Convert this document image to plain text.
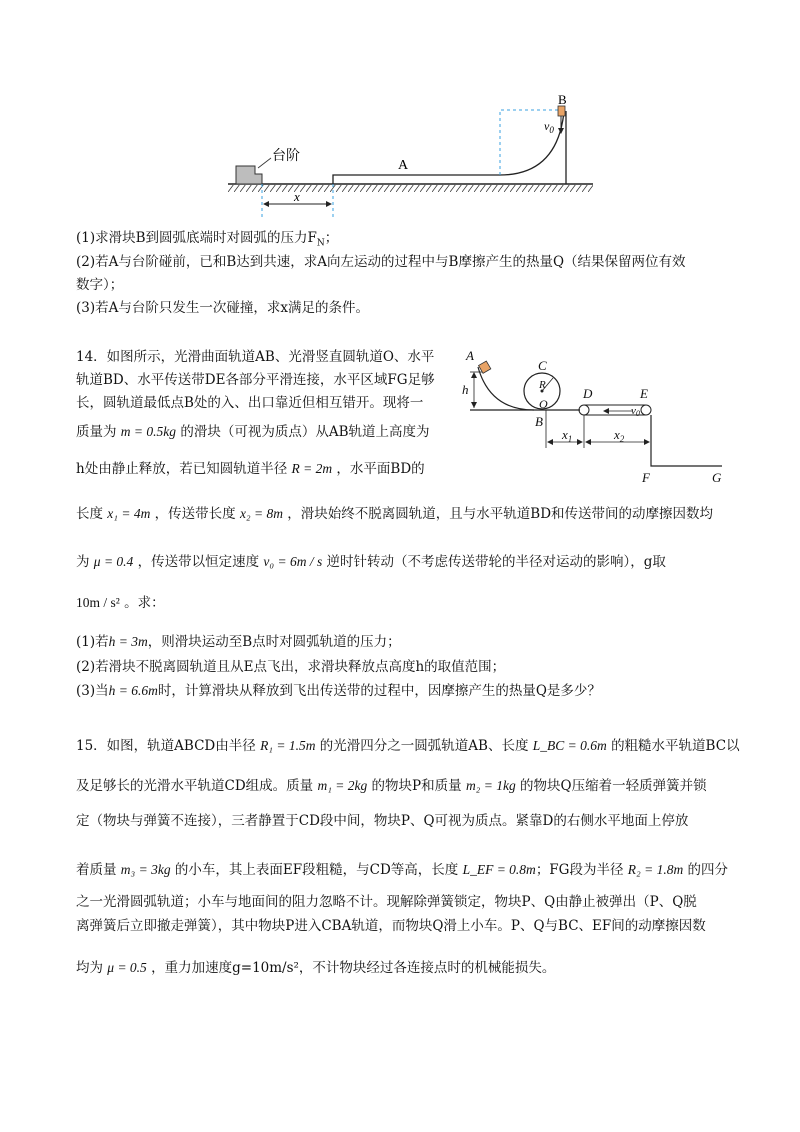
台阶
A
B
$v_0$
x
(1)求滑块B到圆弧底端时对圆弧的压力$F_N$；
(2)若A与台阶碰前，已和B达到共速，求A向左运动的过程中与B摩擦产生的热量Q（结果保留两位有效
数字）；
(3)若A与台阶只发生一次碰撞，求x满足的条件。
14．如图所示，光滑曲面轨道AB、光滑竖直圆轨道O、水平
轨道BD、水平传送带DE各部分平滑连接，水平区域FG足够
长，圆轨道最低点B处的入、出口靠近但相互错开。现将一
质量为 m = 0.5kg 的滑块（可视为质点）从AB轨道上高度为
h处由静止释放，若已知圆轨道半径 R = 2m ，水平面BD的
长度 x₁ = 4m ，传送带长度 x₂ = 8m ，滑块始终不脱离圆轨道，且与水平轨道BD和传送带间的动摩擦因数均
为 μ = 0.4 ，传送带以恒定速度 v₀ = 6m / s 逆时针转动（不考虑传送带轮的半径对运动的影响），g取
10m / s² 。求：
(1)若h = 3m，则滑块运动至B点时对圆弧轨道的压力；
(2)若滑块不脱离圆轨道且从E点飞出，求滑块释放点高度h的取值范围；
(3)当h = 6.6m时，计算滑块从释放到飞出传送带的过程中，因摩擦产生的热量Q是多少？
A
h
C
R
O
B
D	E
v0
$x_1$	$x_2$
F	G
15．如图，轨道ABCD由半径 R₁ = 1.5m 的光滑四分之一圆弧轨道AB、长度 L_BC = 0.6m 的粗糙水平轨道BC以
及足够长的光滑水平轨道CD组成。质量 m₁ = 2kg 的物块P和质量 m₂ = 1kg 的物块Q压缩着一轻质弹簧并锁
定（物块与弹簧不连接），三者静置于CD段中间，物块P、Q可视为质点。紧靠D的右侧水平地面上停放
着质量 m₃ = 3kg 的小车，其上表面EF段粗糙，与CD等高，长度 L_EF = 0.8m；FG段为半径 R₂ = 1.8m 的四分
之一光滑圆弧轨道；小车与地面间的阻力忽略不计。现解除弹簧锁定，物块P、Q由静止被弹出（P、Q脱
离弹簧后立即撤走弹簧），其中物块P进入CBA轨道，而物块Q滑上小车。P、Q与BC、EF间的动摩擦因数
均为 μ = 0.5 ，重力加速度g=10m/s²，不计物块经过各连接点时的机械能损失。
